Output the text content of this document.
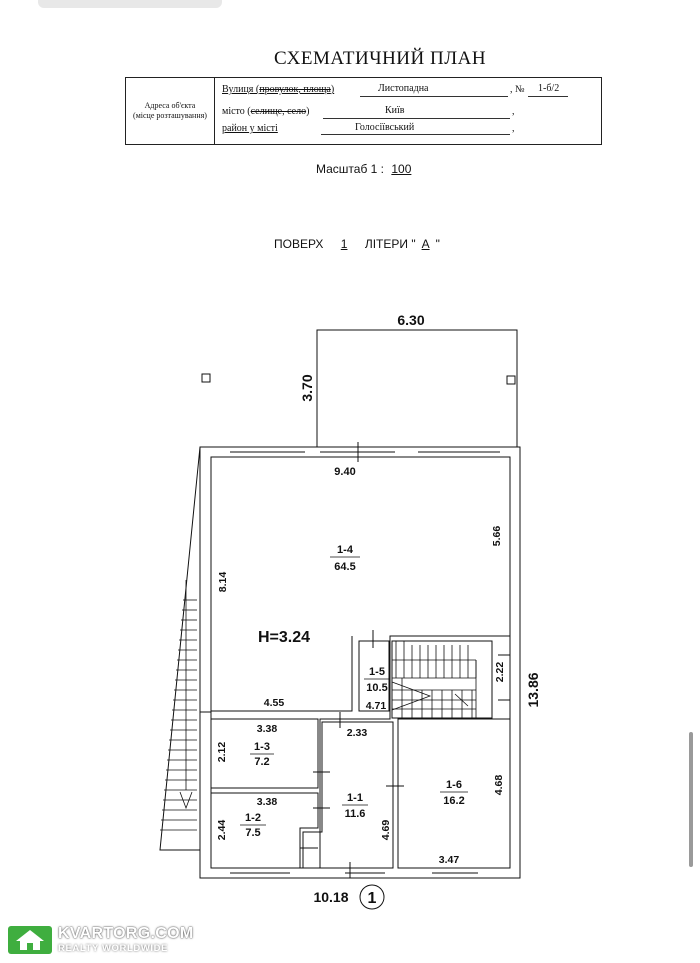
СХЕМАТИЧНИЙ ПЛАН
Адреса об'єкта
(місце розташування)
Вулиця (провулок, площа)	Листопадна	, № 1-б/2
місто (селище, село)	Київ	,
район у місті	Голосіївський	,
Масштаб 1 : 100
ПОВЕРХ 1 ЛІТЕРИ " А "
6.30
3.70
9.40
10.18
13.86
1
H=3.24
1-4
64.5
1-5
10.5
1-3
7.2
1-2
7.5
1-1
11.6
1-6
16.2
8.14
5.66
4.55
2.22
4.71
3.38
2.12
3.38
2.44
2.33
4.69
4.68
3.47
KVARTORG.COM
REALTY WORLDWIDE
